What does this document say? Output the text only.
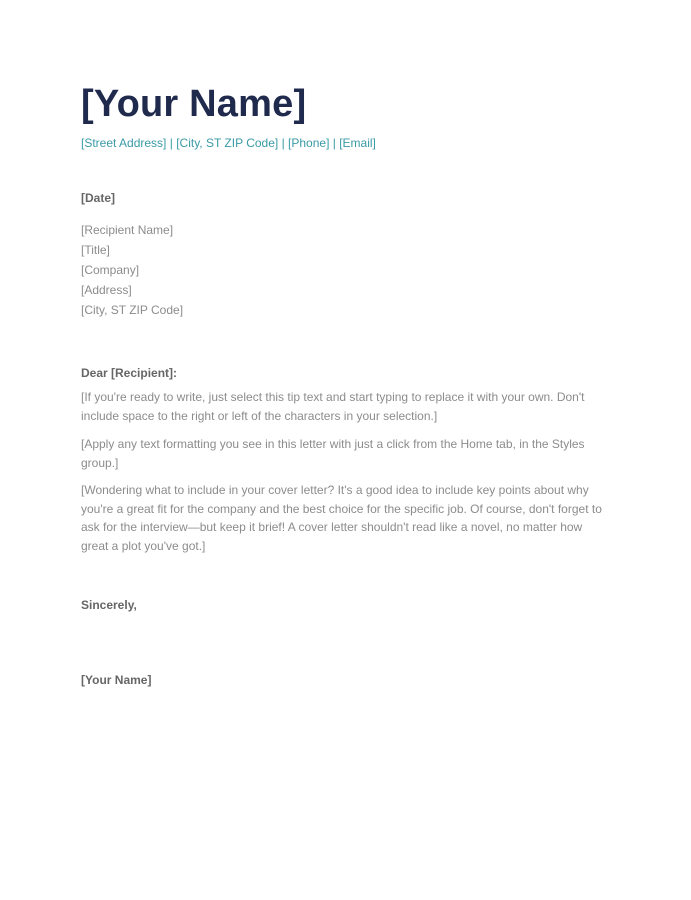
[Your Name]
[Street Address] | [City, ST ZIP Code] | [Phone] | [Email]
[Date]
[Recipient Name]
[Title]
[Company]
[Address]
[City, ST ZIP Code]
Dear [Recipient]:

[If you're ready to write, just select this tip text and start typing to replace it with your own. Don't include space to the right or left of the characters in your selection.]

[Apply any text formatting you see in this letter with just a click from the Home tab, in the Styles group.]

[Wondering what to include in your cover letter? It's a good idea to include key points about why you're a great fit for the company and the best choice for the specific job. Of course, don't forget to ask for the interview—but keep it brief! A cover letter shouldn't read like a novel, no matter how great a plot you've got.]

Sincerely,
[Your Name]
